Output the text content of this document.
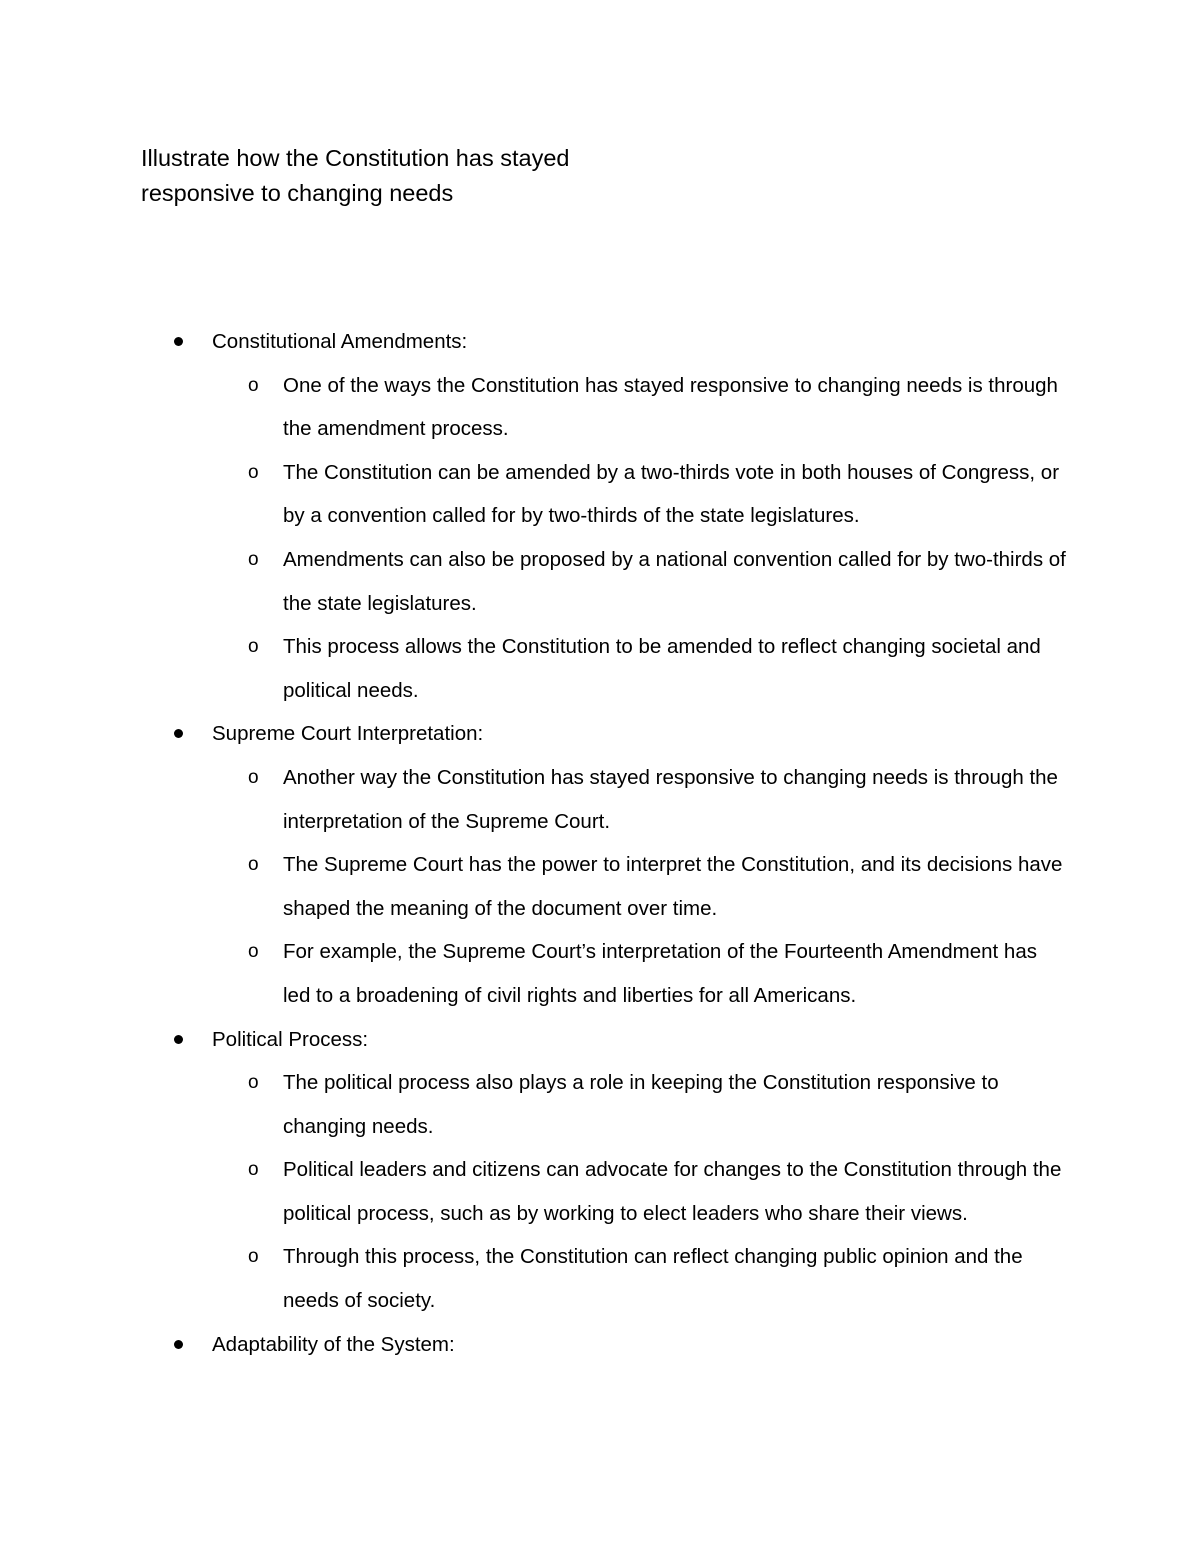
Illustrate how the Constitution has stayed
responsive to changing needs
Constitutional Amendments:
o One of the ways the Constitution has stayed responsive to changing needs is through the amendment process.
o The Constitution can be amended by a two-thirds vote in both houses of Congress, or by a convention called for by two-thirds of the state legislatures.
o Amendments can also be proposed by a national convention called for by two-thirds of the state legislatures.
o This process allows the Constitution to be amended to reflect changing societal and political needs.
Supreme Court Interpretation:
o Another way the Constitution has stayed responsive to changing needs is through the interpretation of the Supreme Court.
o The Supreme Court has the power to interpret the Constitution, and its decisions have shaped the meaning of the document over time.
o For example, the Supreme Court’s interpretation of the Fourteenth Amendment has led to a broadening of civil rights and liberties for all Americans.
Political Process:
o The political process also plays a role in keeping the Constitution responsive to changing needs.
o Political leaders and citizens can advocate for changes to the Constitution through the political process, such as by working to elect leaders who share their views.
o Through this process, the Constitution can reflect changing public opinion and the needs of society.
Adaptability of the System:
